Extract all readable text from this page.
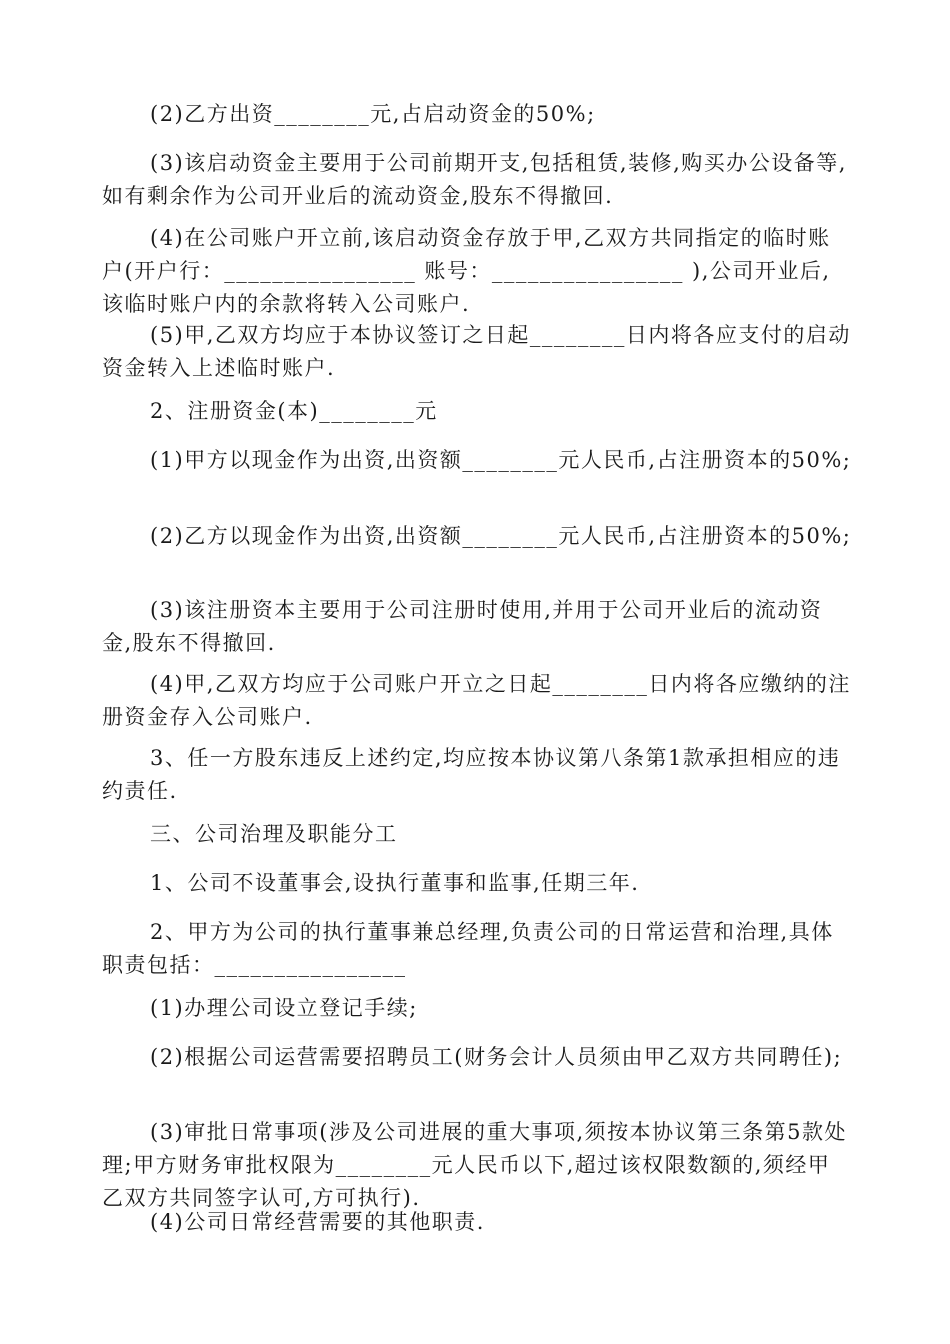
(2)乙方出资________元,占启动资金的50%;

(3)该启动资金主要用于公司前期开支,包括租赁,装修,购买办公设备等,如有剩余作为公司开业后的流动资金,股东不得撤回.

(4)在公司账户开立前,该启动资金存放于甲,乙双方共同指定的临时账户(开户行：________________ 账号：________________ ),公司开业后,该临时账户内的余款将转入公司账户.

(5)甲,乙双方均应于本协议签订之日起________日内将各应支付的启动资金转入上述临时账户.

2、注册资金(本)________元

(1)甲方以现金作为出资,出资额________元人民币,占注册资本的50%;

(2)乙方以现金作为出资,出资额________元人民币,占注册资本的50%;

(3)该注册资本主要用于公司注册时使用,并用于公司开业后的流动资金,股东不得撤回.

(4)甲,乙双方均应于公司账户开立之日起________日内将各应缴纳的注册资金存入公司账户.

3、任一方股东违反上述约定,均应按本协议第八条第1款承担相应的违约责任.

三、公司治理及职能分工

1、公司不设董事会,设执行董事和监事,任期三年.

2、甲方为公司的执行董事兼总经理,负责公司的日常运营和治理,具体职责包括：________________

(1)办理公司设立登记手续;

(2)根据公司运营需要招聘员工(财务会计人员须由甲乙双方共同聘任);

(3)审批日常事项(涉及公司进展的重大事项,须按本协议第三条第5款处理;甲方财务审批权限为________元人民币以下,超过该权限数额的,须经甲乙双方共同签字认可,方可执行).

(4)公司日常经营需要的其他职责.
